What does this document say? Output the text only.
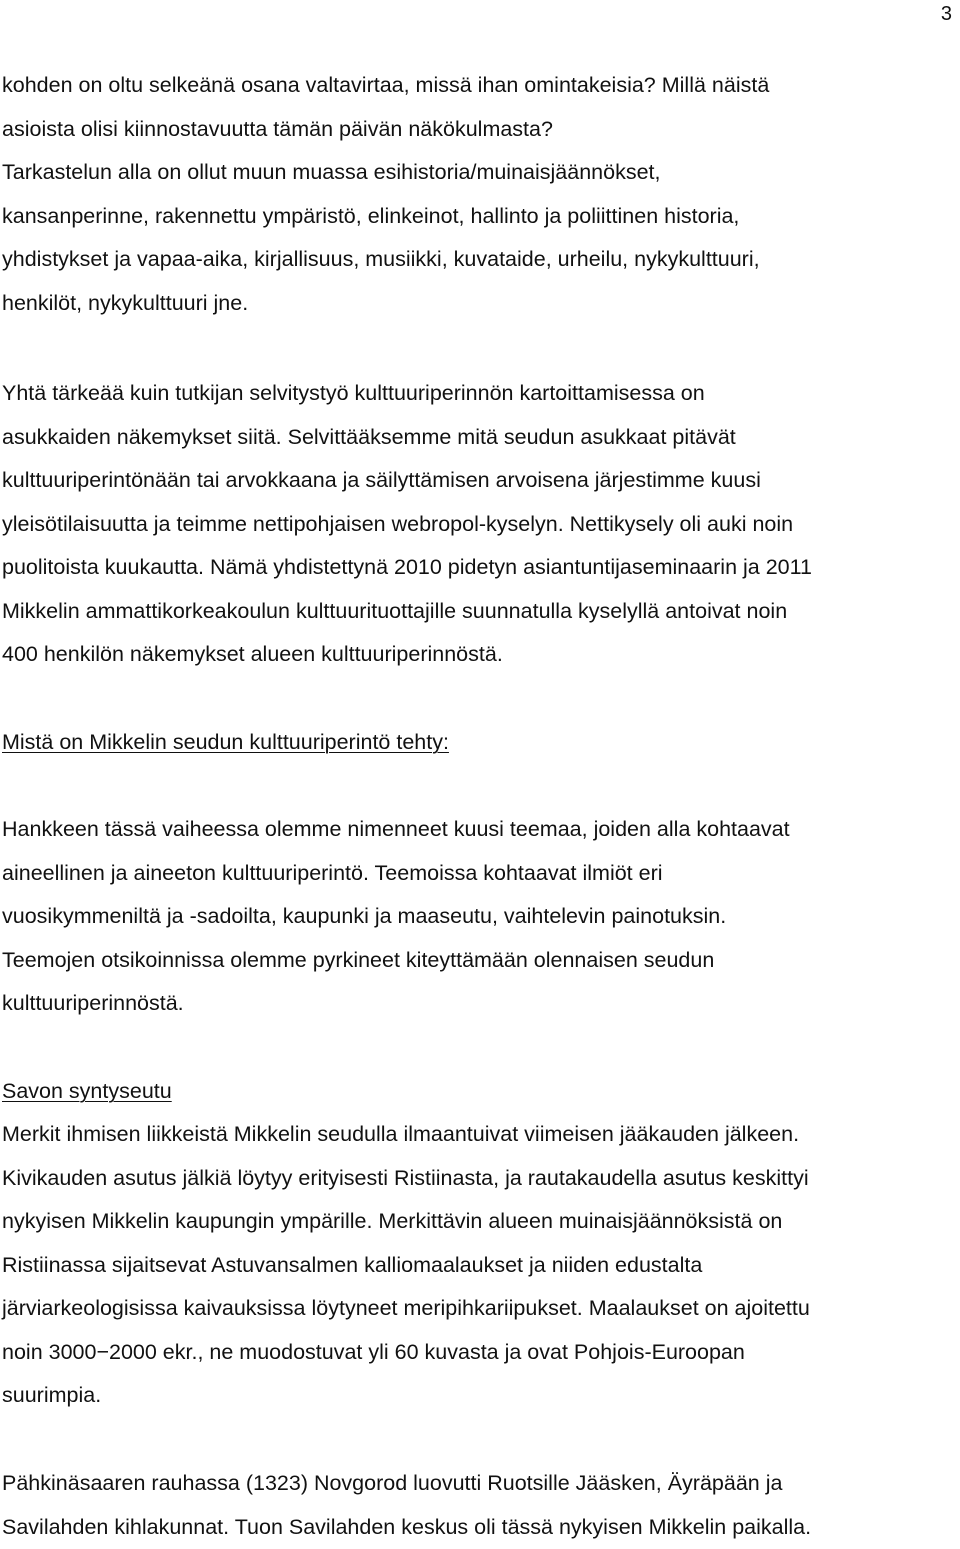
3
kohden on oltu selkeänä osana valtavirtaa, missä ihan omintakeisia? Millä näistä
asioista olisi kiinnostavuutta tämän päivän näkökulmasta?
Tarkastelun alla on ollut muun muassa esihistoria/muinaisjäännökset,
kansanperinne, rakennettu ympäristö, elinkeinot, hallinto ja poliittinen historia,
yhdistykset ja vapaa-aika, kirjallisuus, musiikki, kuvataide, urheilu, nykykulttuuri,
henkilöt, nykykulttuuri jne.
Yhtä tärkeää kuin tutkijan selvitystyö kulttuuriperinnön kartoittamisessa on
asukkaiden näkemykset siitä. Selvittääksemme mitä seudun asukkaat pitävät
kulttuuriperintönään tai arvokkaana ja säilyttämisen arvoisena järjestimme kuusi
yleisötilaisuutta ja teimme nettipohjaisen webropol-kyselyn. Nettikysely oli auki noin
puolitoista kuukautta. Nämä yhdistettynä 2010 pidetyn asiantuntijaseminaarin ja 2011
Mikkelin ammattikorkeakoulun kulttuurituottajille suunnatulla kyselyllä antoivat noin
400 henkilön näkemykset alueen kulttuuriperinnöstä.
Mistä on Mikkelin seudun kulttuuriperintö tehty:
Hankkeen tässä vaiheessa olemme nimenneet kuusi teemaa, joiden alla kohtaavat
aineellinen ja aineeton kulttuuriperintö. Teemoissa kohtaavat ilmiöt eri
vuosikymmeniltä ja -sadoilta, kaupunki ja maaseutu, vaihtelevin painotuksin.
Teemojen otsikoinnissa olemme pyrkineet kiteyttämään olennaisen seudun
kulttuuriperinnöstä.
Savon syntyseutu
Merkit ihmisen liikkeistä Mikkelin seudulla ilmaantuivat viimeisen jääkauden jälkeen.
Kivikauden asutus jälkiä löytyy erityisesti Ristiinasta, ja rautakaudella asutus keskittyi
nykyisen Mikkelin kaupungin ympärille. Merkittävin alueen muinaisjäännöksistä on
Ristiinassa sijaitsevat Astuvansalmen kalliomaalaukset ja niiden edustalta
järviarkeologisissa kaivauksissa löytyneet meripihkariipukset. Maalaukset on ajoitettu
noin 3000−2000 ekr., ne muodostuvat yli 60 kuvasta ja ovat Pohjois-Euroopan
suurimpia.
Pähkinäsaaren rauhassa (1323) Novgorod luovutti Ruotsille Jääsken, Äyräpään ja
Savilahden kihlakunnat. Tuon Savilahden keskus oli tässä nykyisen Mikkelin paikalla.
